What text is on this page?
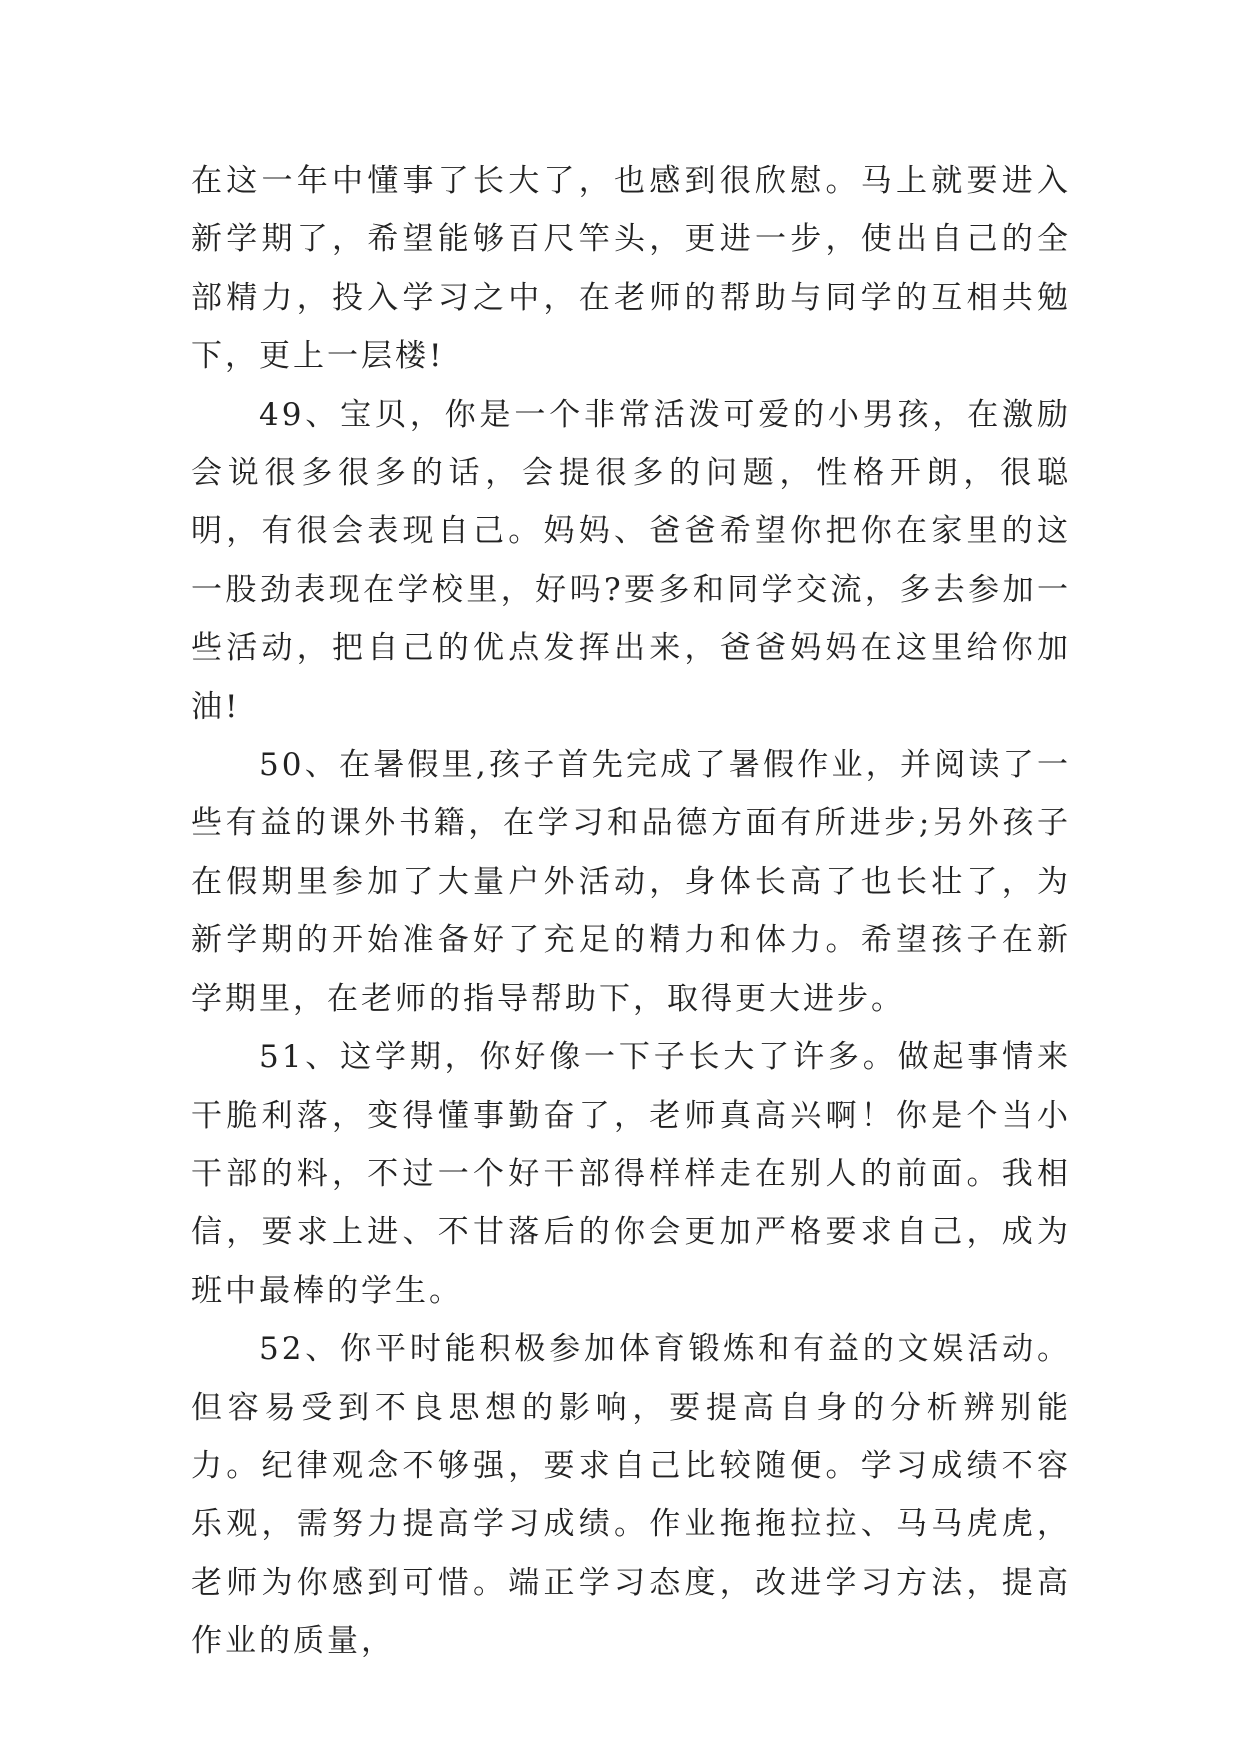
在这一年中懂事了长大了，也感到很欣慰。马上就要进入新学期了，希望能够百尺竿头，更进一步，使出自己的全部精力，投入学习之中，在老师的帮助与同学的互相共勉下，更上一层楼!

49、宝贝，你是一个非常活泼可爱的小男孩，在激励会说很多很多的话，会提很多的问题，性格开朗，很聪明，有很会表现自己。妈妈、爸爸希望你把你在家里的这一股劲表现在学校里，好吗?要多和同学交流，多去参加一些活动，把自己的优点发挥出来，爸爸妈妈在这里给你加油!

50、在暑假里,孩子首先完成了暑假作业，并阅读了一些有益的课外书籍，在学习和品德方面有所进步;另外孩子在假期里参加了大量户外活动，身体长高了也长壮了，为新学期的开始准备好了充足的精力和体力。希望孩子在新学期里，在老师的指导帮助下，取得更大进步。

51、这学期，你好像一下子长大了许多。做起事情来干脆利落，变得懂事勤奋了，老师真高兴啊！你是个当小干部的料，不过一个好干部得样样走在别人的前面。我相信，要求上进、不甘落后的你会更加严格要求自己，成为班中最棒的学生。

52、你平时能积极参加体育锻炼和有益的文娱活动。但容易受到不良思想的影响，要提高自身的分析辨别能力。纪律观念不够强，要求自己比较随便。学习成绩不容乐观，需努力提高学习成绩。作业拖拖拉拉、马马虎虎，老师为你感到可惜。端正学习态度，改进学习方法，提高作业的质量，
